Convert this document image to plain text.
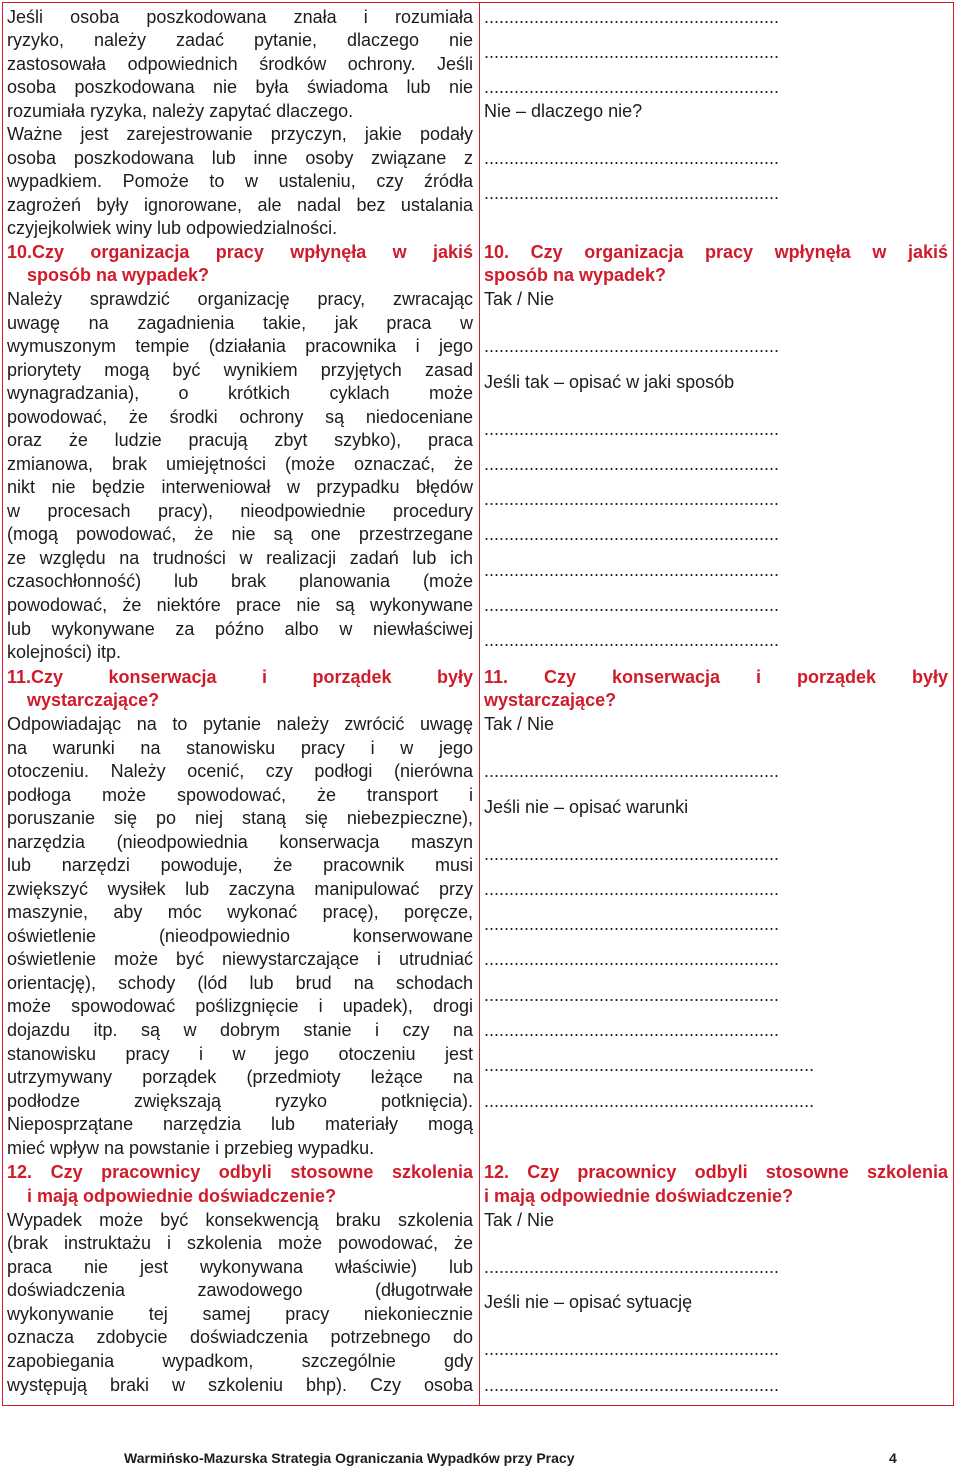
Jeśli osoba poszkodowana znała i rozumiała
ryzyko, należy zadać pytanie, dlaczego nie
zastosowała odpowiednich środków ochrony. Jeśli
osoba poszkodowana nie była świadoma lub nie
rozumiała ryzyka, należy zapytać dlaczego.
Ważne jest zarejestrowanie przyczyn, jakie podały
osoba poszkodowana lub inne osoby związane z
wypadkiem. Pomoże to w ustaleniu, czy źródła
zagrożeń były ignorowane, ale nadal bez ustalania
czyjejkolwiek winy lub odpowiedzialności.
10.Czy organizacja pracy wpłynęła w jakiś
sposób na wypadek?
Należy sprawdzić organizację pracy, zwracając
uwagę na zagadnienia takie, jak praca w
wymuszonym tempie (działania pracownika i jego
priorytety mogą być wynikiem przyjętych zasad
wynagradzania), o krótkich cyklach może
powodować, że środki ochrony są niedoceniane
oraz że ludzie pracują zbyt szybko), praca
zmianowa, brak umiejętności (może oznaczać, że
nikt nie będzie interweniował w przypadku błędów
w procesach pracy), nieodpowiednie procedury
(mogą powodować, że nie są one przestrzegane
ze względu na trudności w realizacji zadań lub ich
czasochłonność) lub brak planowania (może
powodować, że niektóre prace nie są wykonywane
lub wykonywane za późno albo w niewłaściwej
kolejności) itp.
11.Czy konserwacja i porządek były
wystarczające?
Odpowiadając na to pytanie należy zwrócić uwagę
na warunki na stanowisku pracy i w jego
otoczeniu. Należy ocenić, czy podłogi (nierówna
podłoga może spowodować, że transport i
poruszanie się po niej staną się niebezpieczne),
narzędzia (nieodpowiednia konserwacja maszyn
lub narzędzi powoduje, że pracownik musi
zwiększyć wysiłek lub zaczyna manipulować przy
maszynie, aby móc wykonać pracę), poręcze,
oświetlenie (nieodpowiednio konserwowane
oświetlenie może być niewystarczające i utrudniać
orientację), schody (lód lub brud na schodach
może spowodować poślizgnięcie i upadek), drogi
dojazdu itp. są w dobrym stanie i czy na
stanowisku pracy i w jego otoczeniu jest
utrzymywany porządek (przedmioty leżące na
podłodze zwiększają ryzyko potknięcia).
Nieposprzątane narzędzia lub materiały mogą
mieć wpływ na powstanie i przebieg wypadku.
12. Czy pracownicy odbyli stosowne szkolenia
i mają odpowiednie doświadczenie?
Wypadek może być konsekwencją braku szkolenia
(brak instruktażu i szkolenia może powodować, że
praca nie jest wykonywana właściwie) lub
doświadczenia zawodowego (długotrwałe
wykonywanie tej samej pracy niekoniecznie
oznacza zdobycie doświadczenia potrzebnego do
zapobiegania wypadkom, szczególnie gdy
występują braki w szkoleniu bhp). Czy osoba
...........................................................
...........................................................
...........................................................
Nie – dlaczego nie?
...........................................................
...........................................................
10. Czy organizacja pracy wpłynęła w jakiś
sposób na wypadek?
Tak / Nie
...........................................................
Jeśli tak – opisać w jaki sposób
...........................................................
...........................................................
...........................................................
...........................................................
...........................................................
...........................................................
...........................................................
11. Czy konserwacja i porządek były
wystarczające?
Tak / Nie
...........................................................
Jeśli nie – opisać warunki
...........................................................
...........................................................
...........................................................
...........................................................
...........................................................
...........................................................
..................................................................
..................................................................
12. Czy pracownicy odbyli stosowne szkolenia
i mają odpowiednie doświadczenie?
Tak / Nie
...........................................................
Jeśli nie – opisać sytuację
...........................................................
...........................................................
Warmińsko-Mazurska Strategia Ograniczania Wypadków przy Pracy	4
